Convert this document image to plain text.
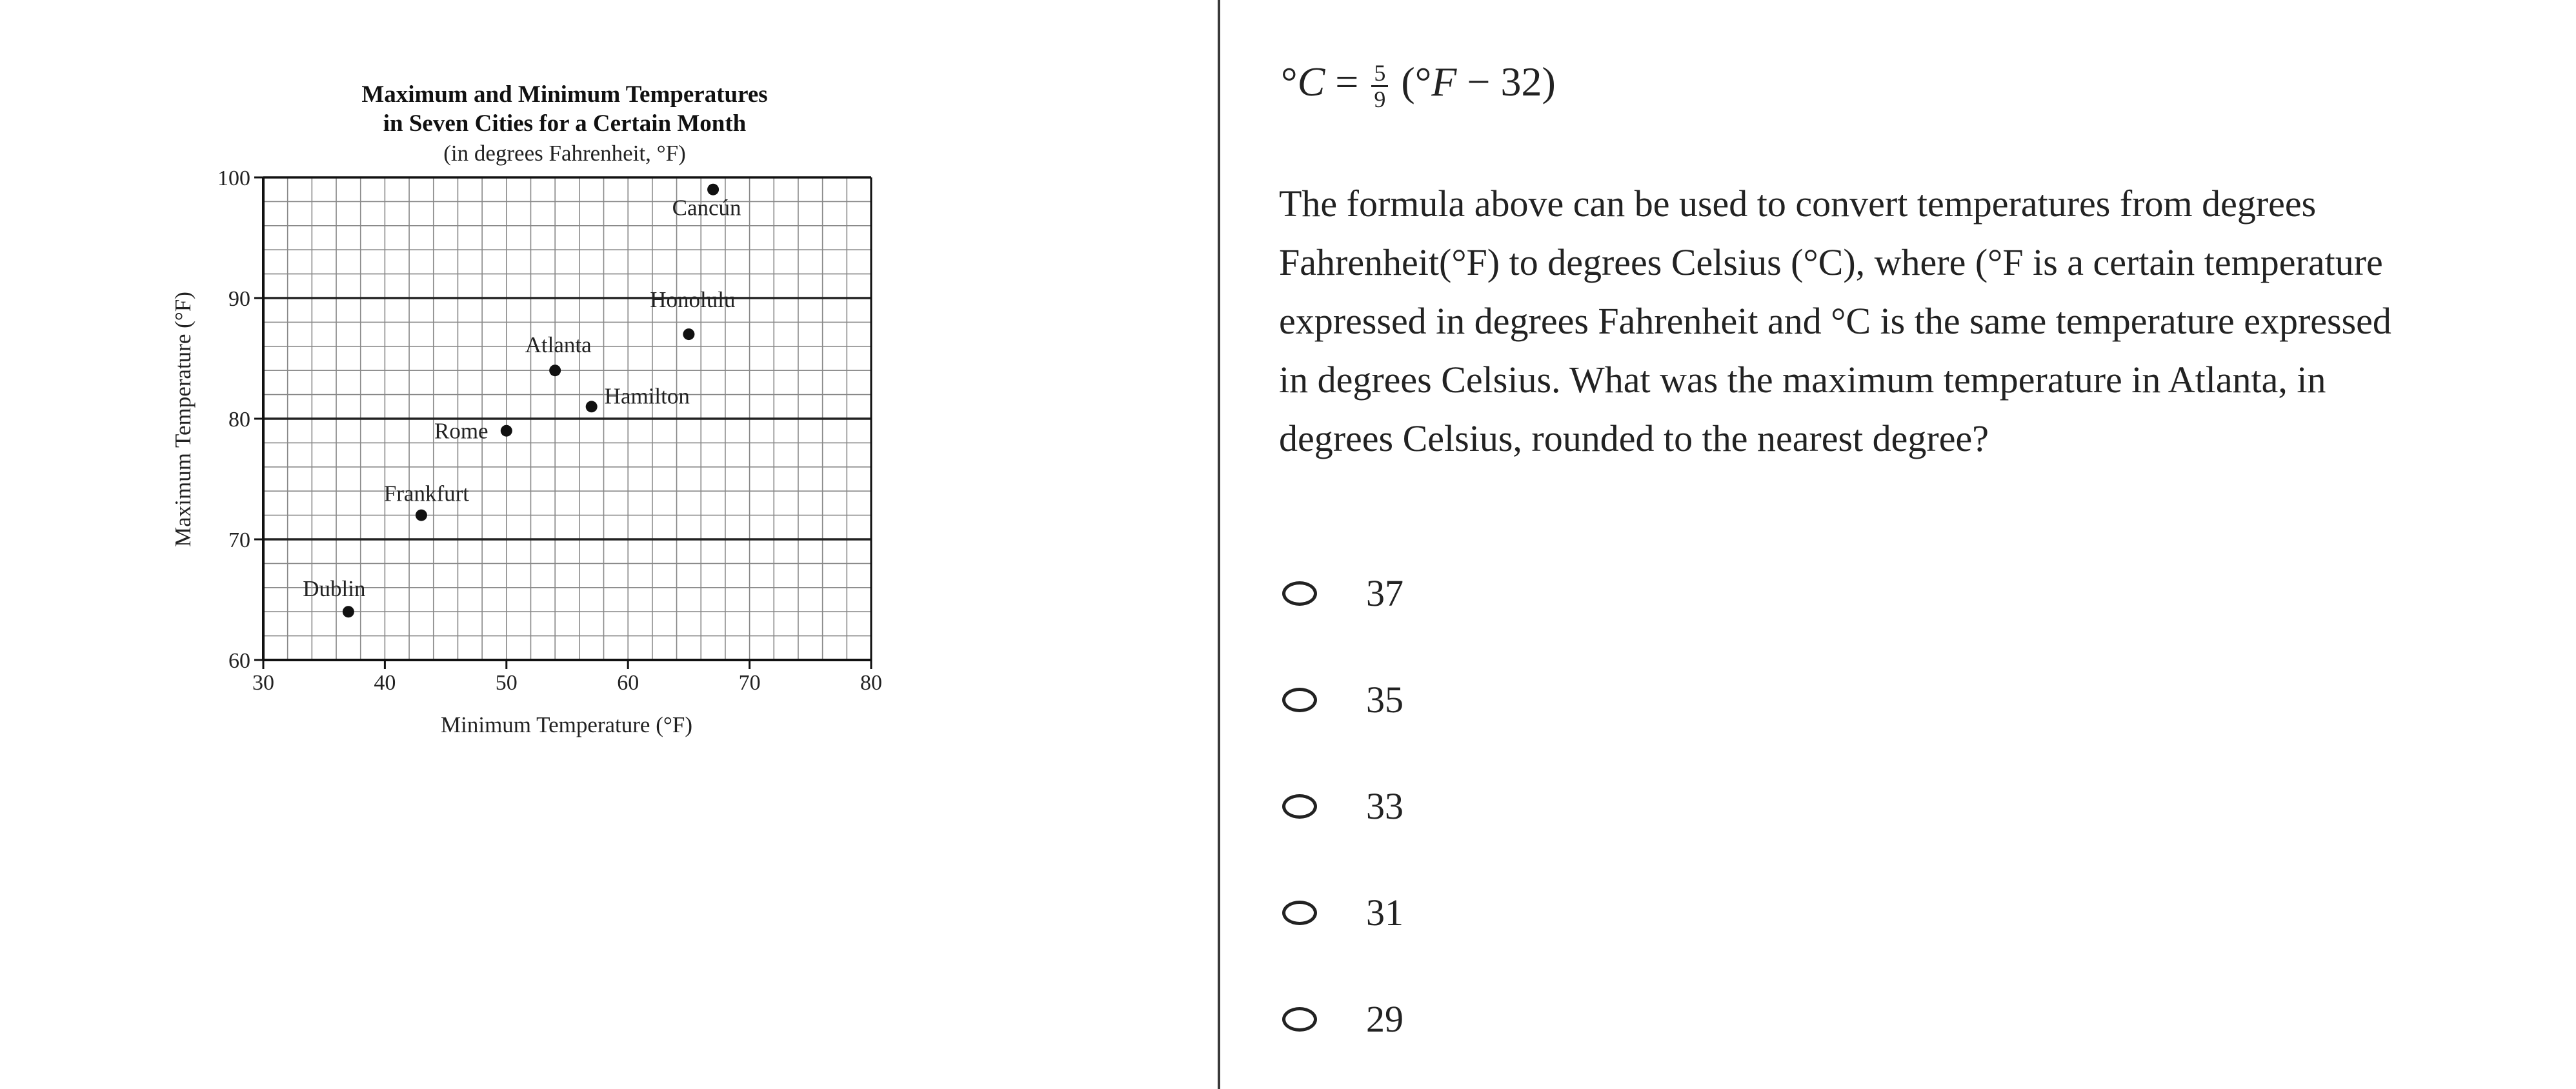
30	40	50	60	70	80
60
70
80
90
100
Cancún
Honolulu
Atlanta
Hamilton
Rome
Frankfurt
Dublin
Maximum and Minimum Temperatures
in Seven Cities for a Certain Month
(in degrees Fahrenheit, °F)
Minimum Temperature (°F)
Maximum Temperature (°F)
$^\circ C = \frac{5}{9} (^\circ F - 32)$
The formula above can be used to convert temperatures from degrees Fahrenheit(°F) to degrees Celsius (°C), where (°F is a certain temperature expressed in degrees Fahrenheit and °C is the same temperature expressed in degrees Celsius. What was the maximum temperature in Atlanta, in degrees Celsius, rounded to the nearest degree?
37
35
33
31
29
